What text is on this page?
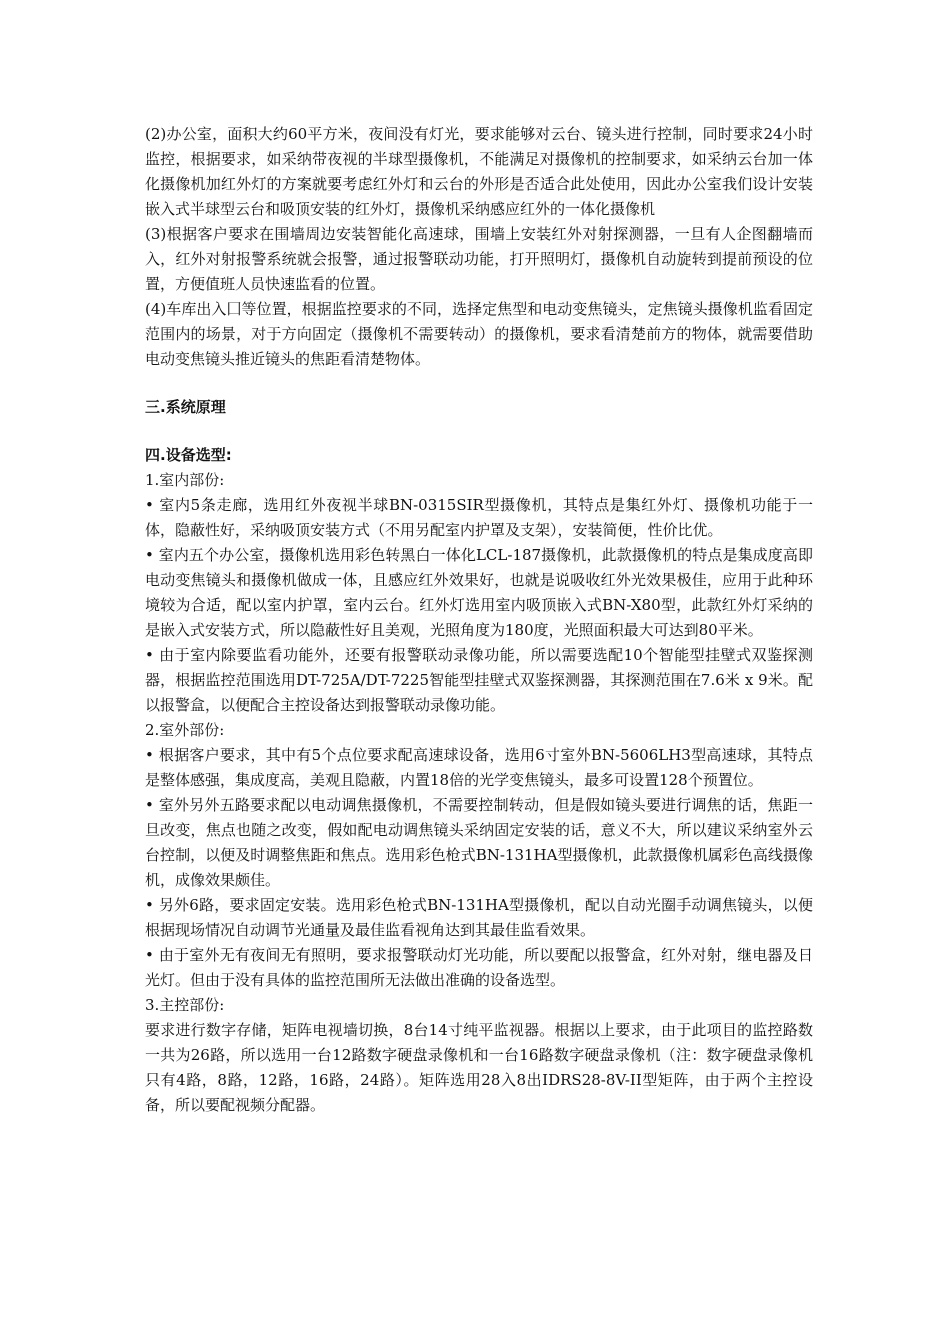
(2)办公室，面积大约60平方米，夜间没有灯光，要求能够对云台、镜头进行控制，同时要求24小时监控，根据要求，如采纳带夜视的半球型摄像机，不能满足对摄像机的控制要求，如采纳云台加一体化摄像机加红外灯的方案就要考虑红外灯和云台的外形是否适合此处使用，因此办公室我们设计安装嵌入式半球型云台和吸顶安装的红外灯，摄像机采纳感应红外的一体化摄像机

(3)根据客户要求在围墙周边安装智能化高速球，围墙上安装红外对射探测器，一旦有人企图翻墙而入，红外对射报警系统就会报警，通过报警联动功能，打开照明灯，摄像机自动旋转到提前预设的位置，方便值班人员快速监看的位置。

(4)车库出入囗等位置，根据监控要求的不同，选择定焦型和电动变焦镜头，定焦镜头摄像机监看固定范围内的场景，对于方向固定（摄像机不需要转动）的摄像机，要求看清楚前方的物体，就需要借助电动变焦镜头推近镜头的焦距看清楚物体。

三.系统原理

四.设备选型:

1.室内部份:

• 室内5条走廊，选用红外夜视半球BN-0315SIR型摄像机，其特点是集红外灯、摄像机功能于一体，隐蔽性好，采纳吸顶安装方式（不用另配室内护罩及支架），安装简便，性价比优。

• 室内五个办公室，摄像机选用彩色转黑白一体化LCL-187摄像机，此款摄像机的特点是集成度高即电动变焦镜头和摄像机做成一体，且感应红外效果好，也就是说吸收红外光效果极佳，应用于此种环境较为合适，配以室内护罩，室内云台。红外灯选用室内吸顶嵌入式BN-X80型，此款红外灯采纳的是嵌入式安装方式，所以隐蔽性好且美观，光照角度为180度，光照面积最大可达到80平米。

• 由于室内除要监看功能外，还要有报警联动录像功能，所以需要选配10个智能型挂壁式双鉴探测器，根据监控范围选用DT-725A/DT-7225智能型挂壁式双鉴探测器，其探测范围在7.6米 x 9米。配以报警盒，以便配合主控设备达到报警联动录像功能。

2.室外部份:

• 根据客户要求，其中有5个点位要求配高速球设备，选用6寸室外BN-5606LH3型高速球，其特点是整体感强，集成度高，美观且隐蔽，内置18倍的光学变焦镜头，最多可设置128个预置位。

• 室外另外五路要求配以电动调焦摄像机，不需要控制转动，但是假如镜头要进行调焦的话，焦距一旦改变，焦点也随之改变，假如配电动调焦镜头采纳固定安装的话，意义不大，所以建议采纳室外云台控制，以便及时调整焦距和焦点。选用彩色枪式BN-131HA型摄像机，此款摄像机属彩色高线摄像机，成像效果颇佳。

• 另外6路，要求固定安装。选用彩色枪式BN-131HA型摄像机，配以自动光圈手动调焦镜头，以便根据现场情况自动调节光通量及最佳监看视角达到其最佳监看效果。

• 由于室外无有夜间无有照明，要求报警联动灯光功能，所以要配以报警盒，红外对射，继电器及日光灯。但由于没有具体的监控范围所无法做出准确的设备选型。

3.主控部份:

要求进行数字存储，矩阵电视墙切换，8台14寸纯平监视器。根据以上要求，由于此项目的监控路数一共为26路，所以选用一台12路数字硬盘录像机和一台16路数字硬盘录像机（注：数字硬盘录像机只有4路，8路，12路，16路，24路）。矩阵选用28入8出IDRS28-8V-II型矩阵，由于两个主控设备，所以要配视频分配器。
